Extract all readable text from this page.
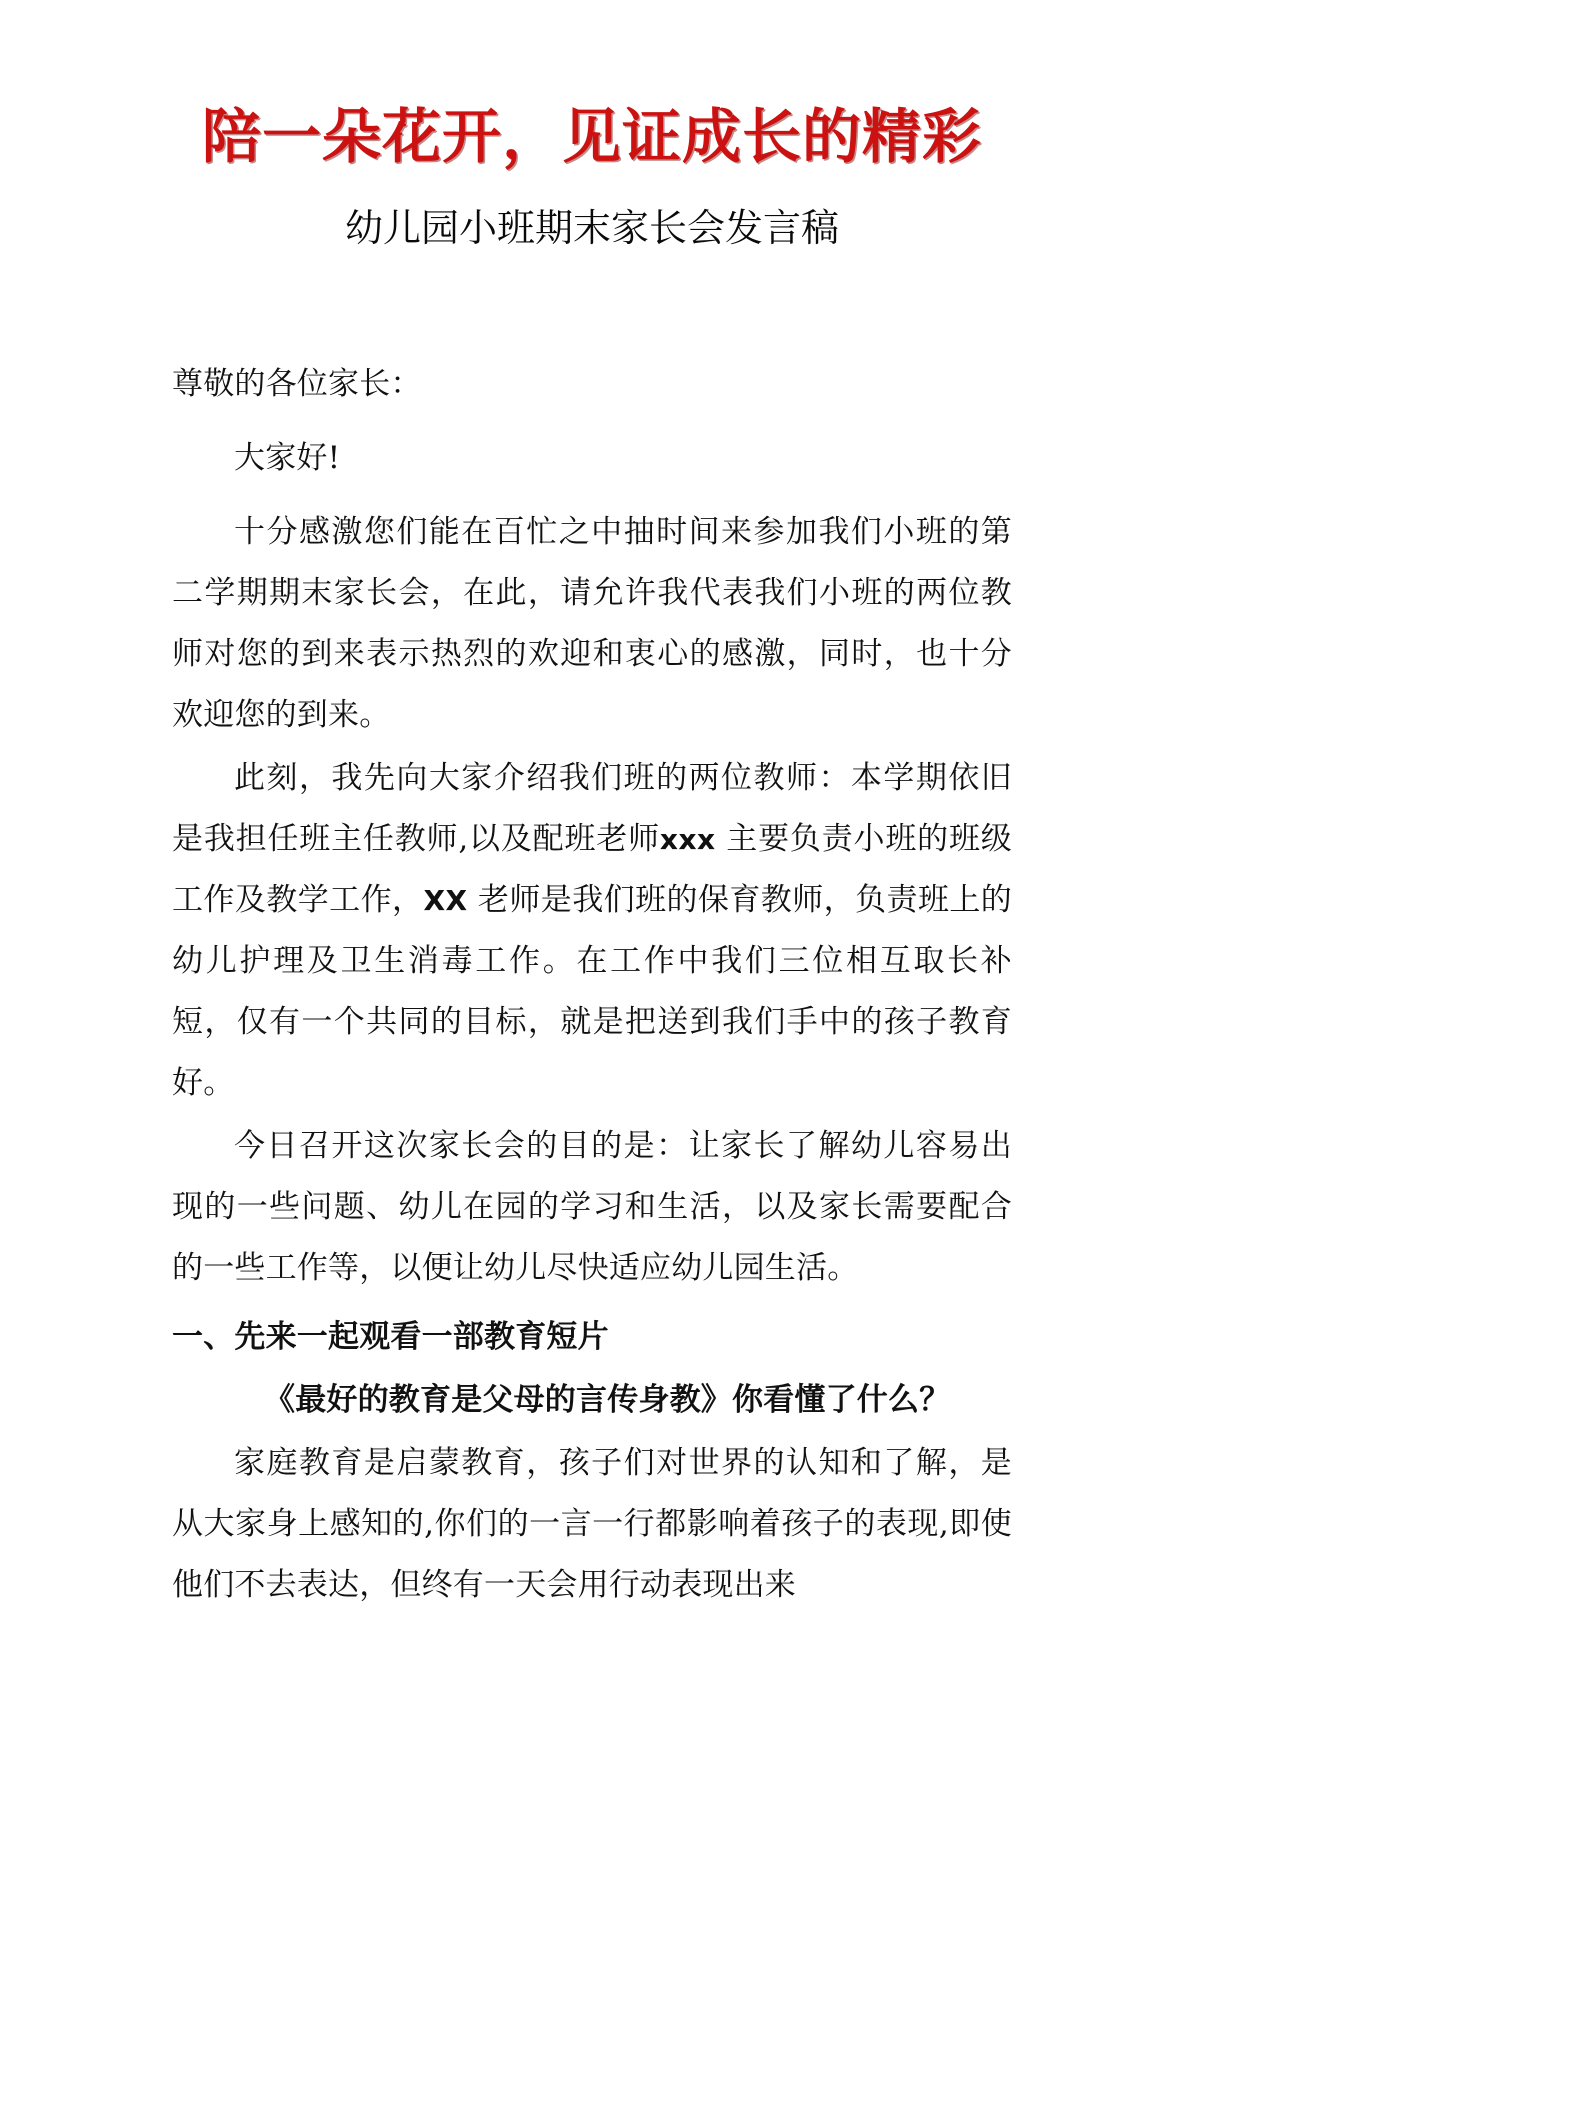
陪一朵花开，见证成长的精彩
幼儿园小班期末家长会发言稿

尊敬的各位家长：

大家好!

十分感激您们能在百忙之中抽时间来参加我们小班的第二学期期末家长会，在此，请允许我代表我们小班的两位教师对您的到来表示热烈的欢迎和衷心的感激，同时，也十分欢迎您的到来。

此刻，我先向大家介绍我们班的两位教师：本学期依旧是我担任班主任教师,以及配班老师xxx 主要负责小班的班级工作及教学工作，XX 老师是我们班的保育教师，负责班上的幼儿护理及卫生消毒工作。在工作中我们三位相互取长补短，仅有一个共同的目标，就是把送到我们手中的孩子教育好。

今日召开这次家长会的目的是：让家长了解幼儿容易出现的一些问题、幼儿在园的学习和生活，以及家长需要配合的一些工作等，以便让幼儿尽快适应幼儿园生活。

一、先来一起观看一部教育短片

《最好的教育是父母的言传身教》你看懂了什么？

家庭教育是启蒙教育，孩子们对世界的认知和了解，是从大家身上感知的,你们的一言一行都影响着孩子的表现,即使他们不去表达，但终有一天会用行动表现出来
